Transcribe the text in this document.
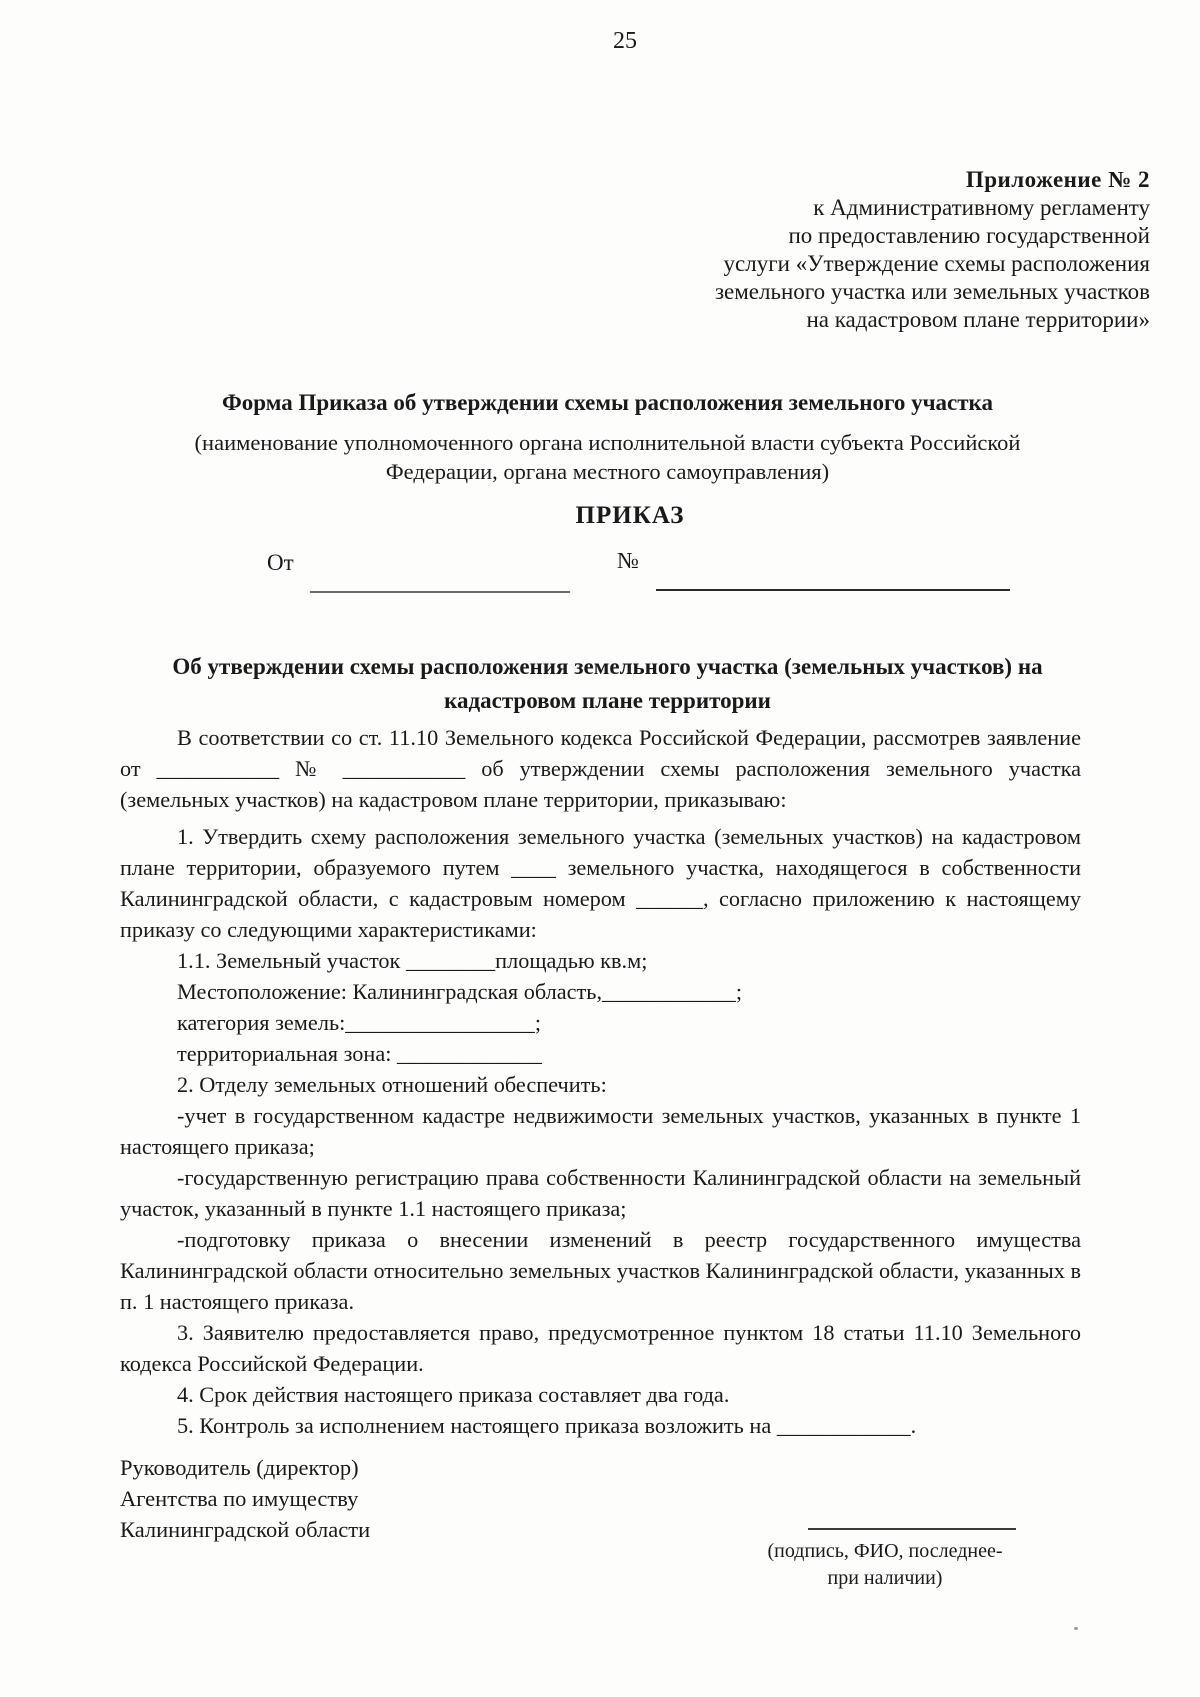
25
Приложение № 2
к Административному регламенту
по предоставлению государственной
услуги «Утверждение схемы расположения
земельного участка или земельных участков
на кадастровом плане территории»
Форма Приказа об утверждении схемы расположения земельного участка
(наименование уполномоченного органа исполнительной власти субъекта Российской
Федерации, органа местного самоуправления)
ПРИКАЗ
От	№
Об утверждении схемы расположения земельного участка (земельных участков) на
кадастровом плане территории

В соответствии со ст. 11.10 Земельного кодекса Российской Федерации, рассмотрев заявление от ___________ № ___________ об утверждении схемы расположения земельного участка (земельных участков) на кадастровом плане территории, приказываю:

1. Утвердить схему расположения земельного участка (земельных участков) на кадастровом плане территории, образуемого путем ____ земельного участка, находящегося в собственности Калининградской области, с кадастровым номером ______, согласно приложению к настоящему приказу со следующими характеристиками:

1.1. Земельный участок ________площадью кв.м;

Местоположение: Калининградская область,____________;

категория земель:_________________;

территориальная зона: _____________

2. Отделу земельных отношений обеспечить:

-учет в государственном кадастре недвижимости земельных участков, указанных в пункте 1 настоящего приказа;

-государственную регистрацию права собственности Калининградской области на земельный участок, указанный в пункте 1.1 настоящего приказа;

-подготовку приказа о внесении изменений в реестр государственного имущества Калининградской области относительно земельных участков Калининградской области, указанных в п. 1 настоящего приказа.

3. Заявителю предоставляется право, предусмотренное пунктом 18 статьи 11.10 Земельного кодекса Российской Федерации.

4. Срок действия настоящего приказа составляет два года.

5. Контроль за исполнением настоящего приказа возложить на ____________.

Руководитель (директор)
Агентства по имуществу
Калининградской области
(подпись, ФИО, последнее-
при наличии)
